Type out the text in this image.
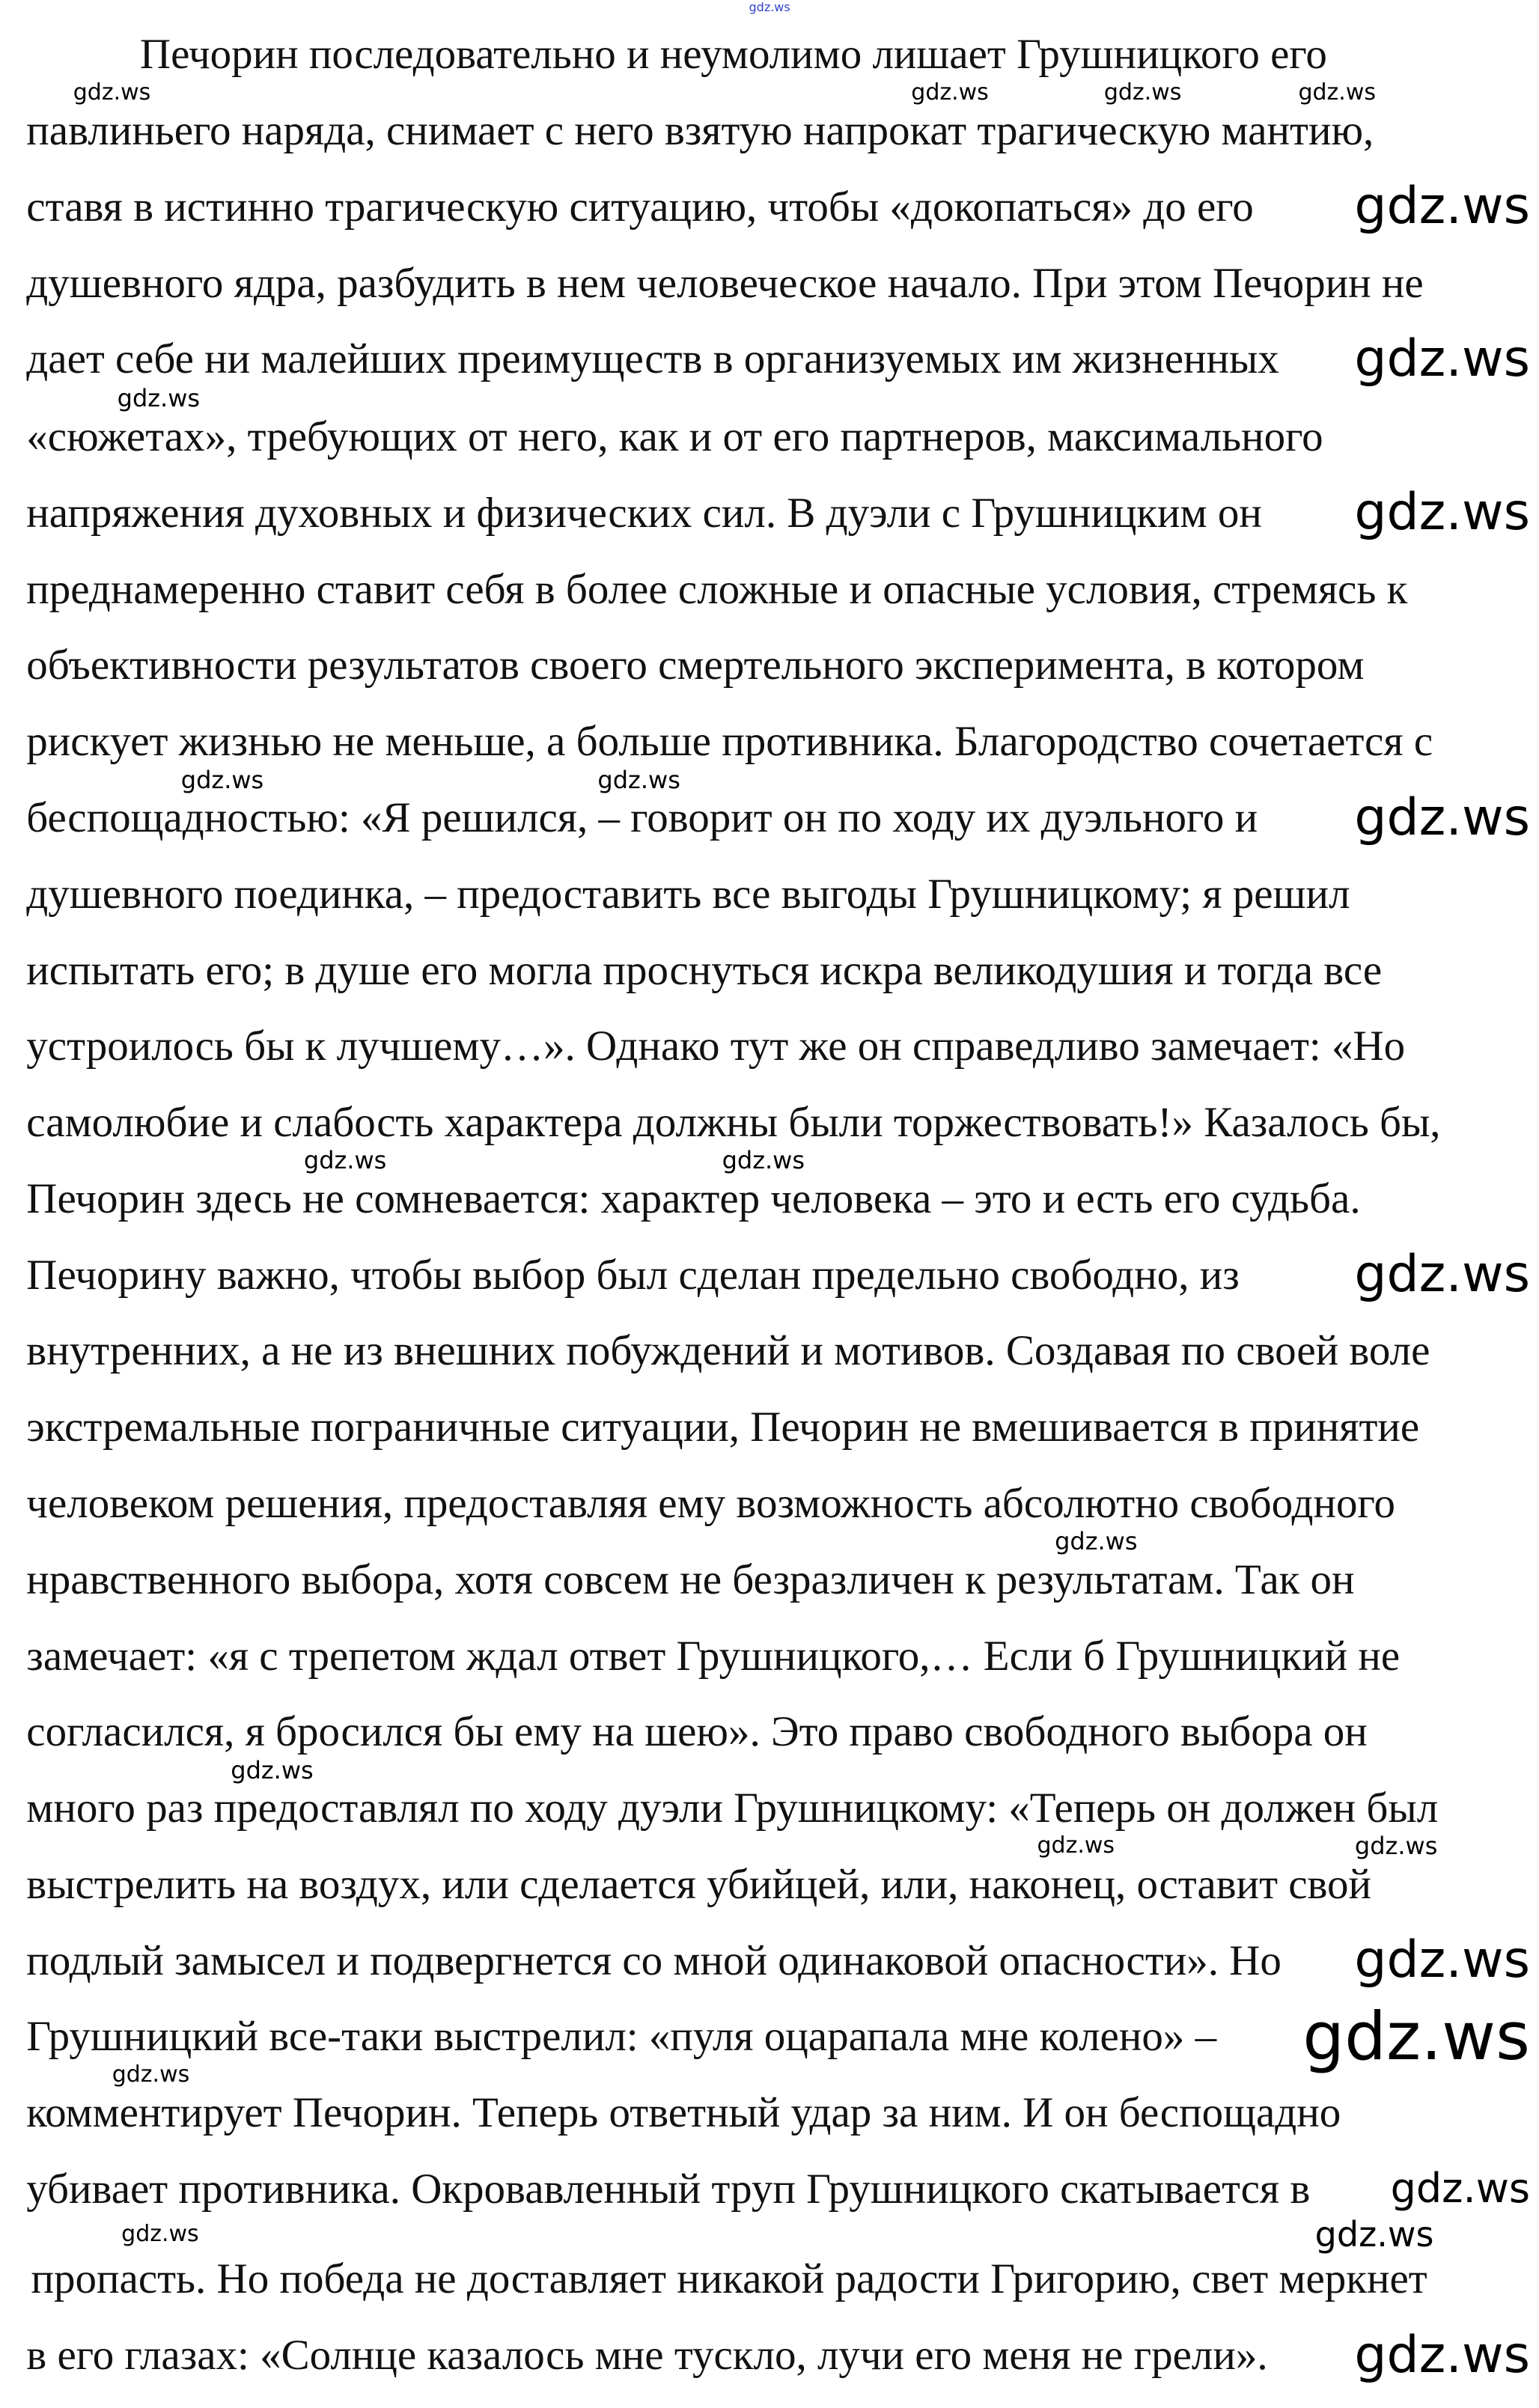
Печорин последовательно и неумолимо лишает Грушницкого его
павлиньего наряда, снимает с него взятую напрокат трагическую мантию,
ставя в истинно трагическую ситуацию, чтобы «докопаться» до его
душевного ядра, разбудить в нем человеческое начало. При этом Печорин не
дает себе ни малейших преимуществ в организуемых им жизненных
«сюжетах», требующих от него, как и от его партнеров, максимального
напряжения духовных и физических сил. В дуэли с Грушницким он
преднамеренно ставит себя в более сложные и опасные условия, стремясь к
объективности результатов своего смертельного эксперимента, в котором
рискует жизнью не меньше, а больше противника. Благородство сочетается с
беспощадностью: «Я решился, – говорит он по ходу их дуэльного и
душевного поединка, – предоставить все выгоды Грушницкому; я решил
испытать его; в душе его могла проснуться искра великодушия и тогда все
устроилось бы к лучшему…». Однако тут же он справедливо замечает: «Но
самолюбие и слабость характера должны были торжествовать!» Казалось бы,
Печорин здесь не сомневается: характер человека – это и есть его судьба.
Печорину важно, чтобы выбор был сделан предельно свободно, из
внутренних, а не из внешних побуждений и мотивов. Создавая по своей воле
экстремальные пограничные ситуации, Печорин не вмешивается в принятие
человеком решения, предоставляя ему возможность абсолютно свободного
нравственного выбора, хотя совсем не безразличен к результатам. Так он
замечает: «я с трепетом ждал ответ Грушницкого,… Если б Грушницкий не
согласился, я бросился бы ему на шею». Это право свободного выбора он
много раз предоставлял по ходу дуэли Грушницкому: «Теперь он должен был
выстрелить на воздух, или сделается убийцей, или, наконец, оставит свой
подлый замысел и подвергнется со мной одинаковой опасности». Но
Грушницкий все-таки выстрелил: «пуля оцарапала мне колено» –
комментирует Печорин. Теперь ответный удар за ним. И он беспощадно
убивает противника. Окровавленный труп Грушницкого скатывается в
пропасть. Но победа не доставляет никакой радости Григорию, свет меркнет
в его глазах: «Солнце казалось мне тускло, лучи его меня не грели».
gdz.ws
gdz.ws	gdz.ws	gdz.ws	gdz.ws
gdz.ws
gdz.ws	gdz.ws
gdz.ws	gdz.ws
gdz.ws
gdz.ws
gdz.ws	gdz.ws
gdz.ws
gdz.ws	gdz.ws
gdz.ws
gdz.ws
gdz.ws
gdz.ws
gdz.ws
gdz.ws
gdz.ws
gdz.ws
gdz.ws
